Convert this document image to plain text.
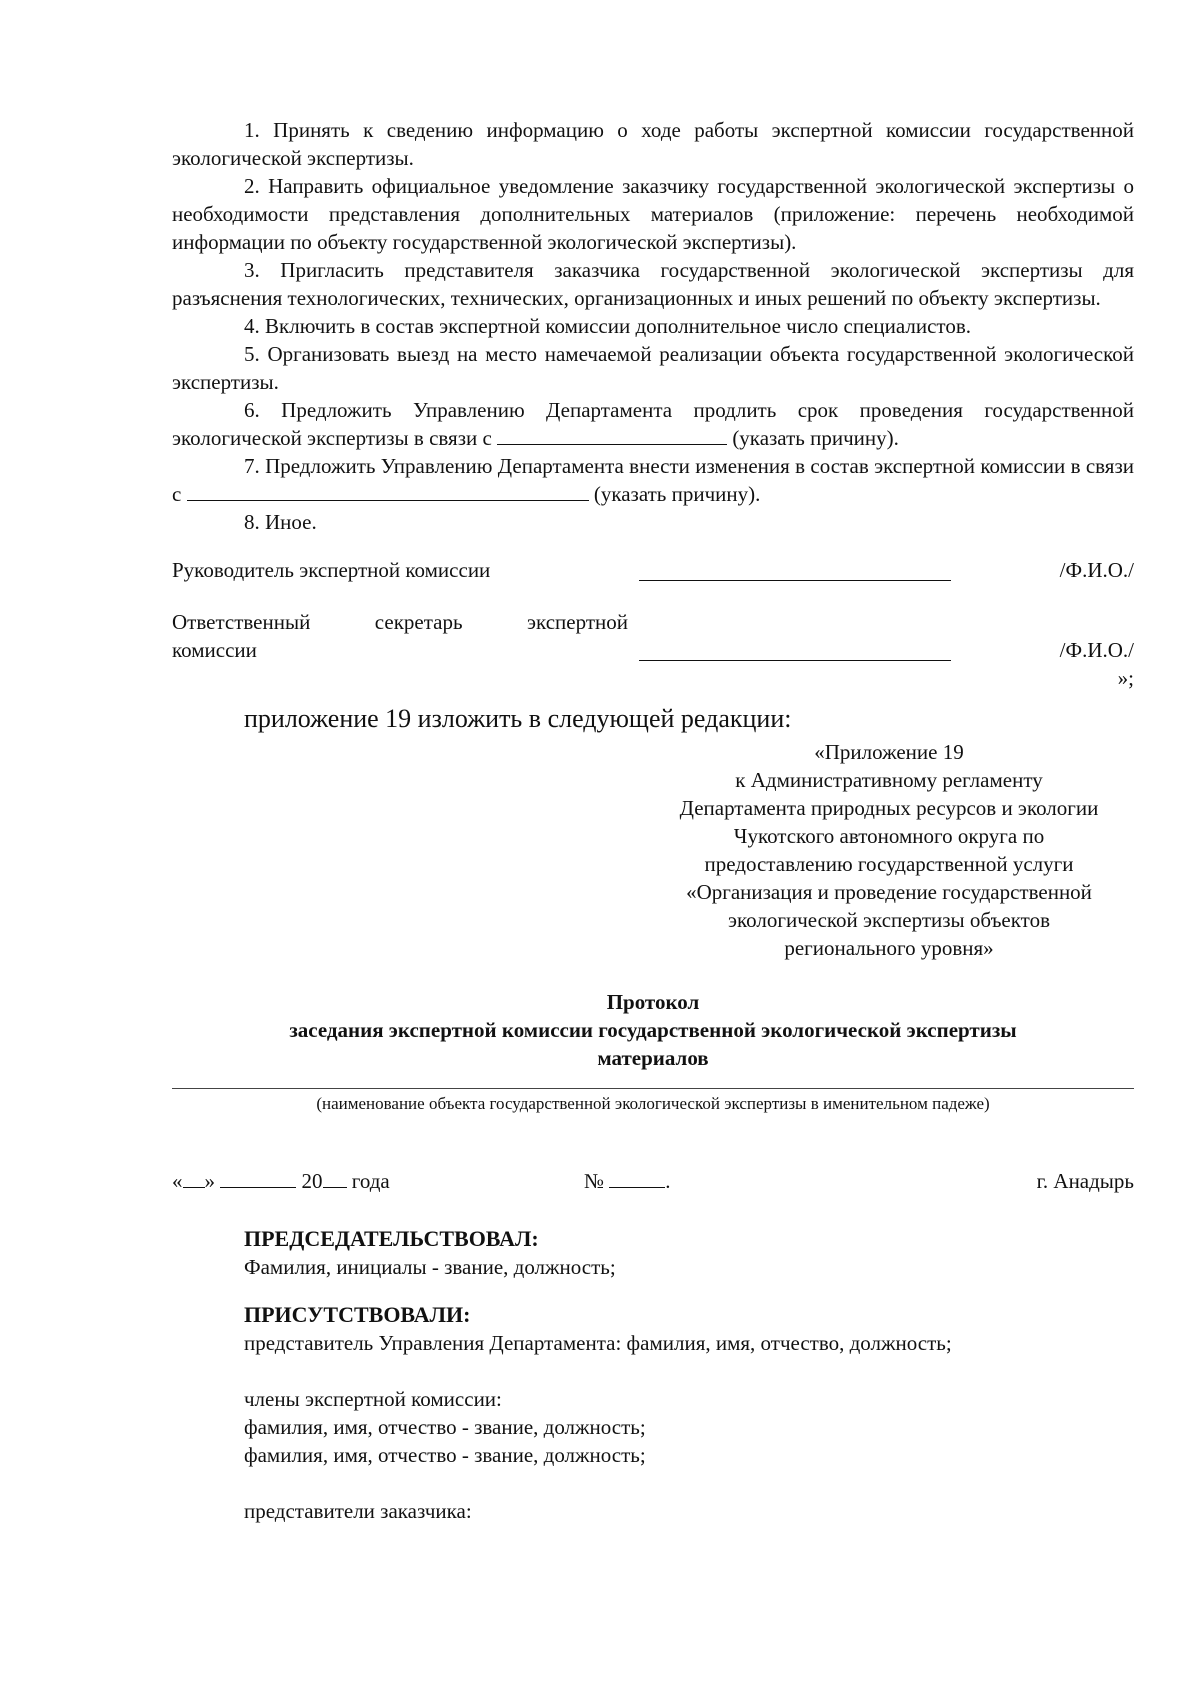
1. Принять к сведению информацию о ходе работы экспертной комиссии государственной экологической экспертизы.

2. Направить официальное уведомление заказчику государственной экологической экспертизы о необходимости представления дополнительных материалов (приложение: перечень необходимой информации по объекту государственной экологической экспертизы).

3. Пригласить представителя заказчика государственной экологической экспертизы для разъяснения технологических, технических, организационных и иных решений по объекту экспертизы.

4. Включить в состав экспертной комиссии дополнительное число специалистов.

5. Организовать выезд на место намечаемой реализации объекта государственной экологической экспертизы.

6. Предложить Управлению Департамента продлить срок проведения государственной экологической экспертизы в связи с	(указать причину).

7. Предложить Управлению Департамента внести изменения в состав экспертной комиссии в связи с	(указать причину).

8. Иное.

Руководитель экспертной комиссии	/Ф.И.О./
Ответственный секретарь экспертной
комиссии	/Ф.И.О./
»;

приложение 19 изложить в следующей редакции:

«Приложение 19
к Административному регламенту
Департамента природных ресурсов и экологии
Чукотского автономного округа по
предоставлению государственной услуги
«Организация и проведение государственной
экологической экспертизы объектов
регионального уровня»
Протокол
заседания экспертной комиссии государственной экологической экспертизы
материалов
(наименование объекта государственной экологической экспертизы в именительном падеже)
« »	20 года	№	.	г. Анадырь
ПРЕДСЕДАТЕЛЬСТВОВАЛ:
Фамилия, инициалы - звание, должность;
ПРИСУТСТВОВАЛИ:
представитель Управления Департамента: фамилия, имя, отчество, должность;
члены экспертной комиссии:
фамилия, имя, отчество - звание, должность;
фамилия, имя, отчество - звание, должность;
представители заказчика:
